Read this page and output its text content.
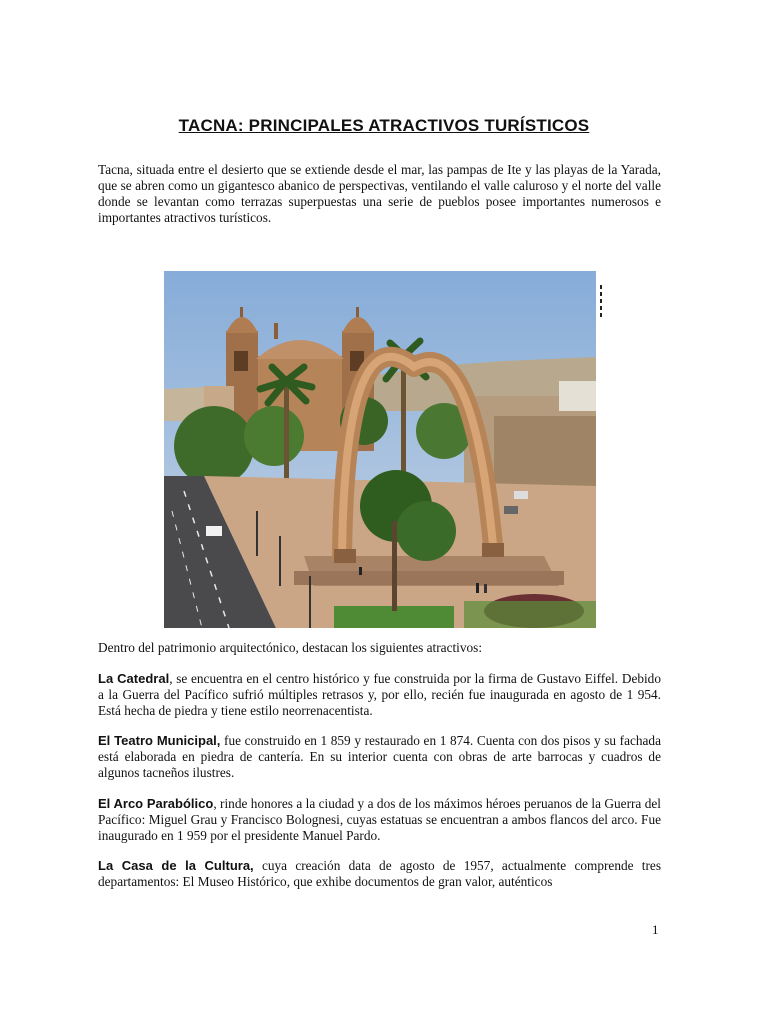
TACNA: PRINCIPALES ATRACTIVOS TURÍSTICOS

Tacna, situada entre el desierto que se extiende desde el mar, las pampas de Ite y las playas de la Yarada, que se abren como un gigantesco abanico de perspectivas, ventilando el valle caluroso y el norte del valle donde se levantan como terrazas superpuestas una serie de pueblos posee importantes numerosos e importantes atractivos turísticos.

Dentro del patrimonio arquitectónico, destacan los siguientes atractivos:

La Catedral, se encuentra en el centro histórico y fue construida por la firma de Gustavo Eiffel. Debido a la Guerra del Pacífico sufrió múltiples retrasos y, por ello, recién fue inaugurada en agosto de 1 954. Está hecha de piedra y tiene estilo neorrenacentista.

El Teatro Municipal, fue construido en 1 859 y restaurado en 1 874. Cuenta con dos pisos y su fachada está elaborada en piedra de cantería. En su interior cuenta con obras de arte barrocas y cuadros de algunos tacneños ilustres.

El Arco Parabólico, rinde honores a la ciudad y a dos de los máximos héroes peruanos de la Guerra del Pacífico: Miguel Grau y Francisco Bolognesi, cuyas estatuas se encuentran a ambos flancos del arco. Fue inaugurado en 1 959 por el presidente Manuel Pardo.

La Casa de la Cultura, cuya creación data de agosto de 1957, actualmente comprende tres departamentos: El Museo Histórico, que exhibe documentos de gran valor, auténticos

1
